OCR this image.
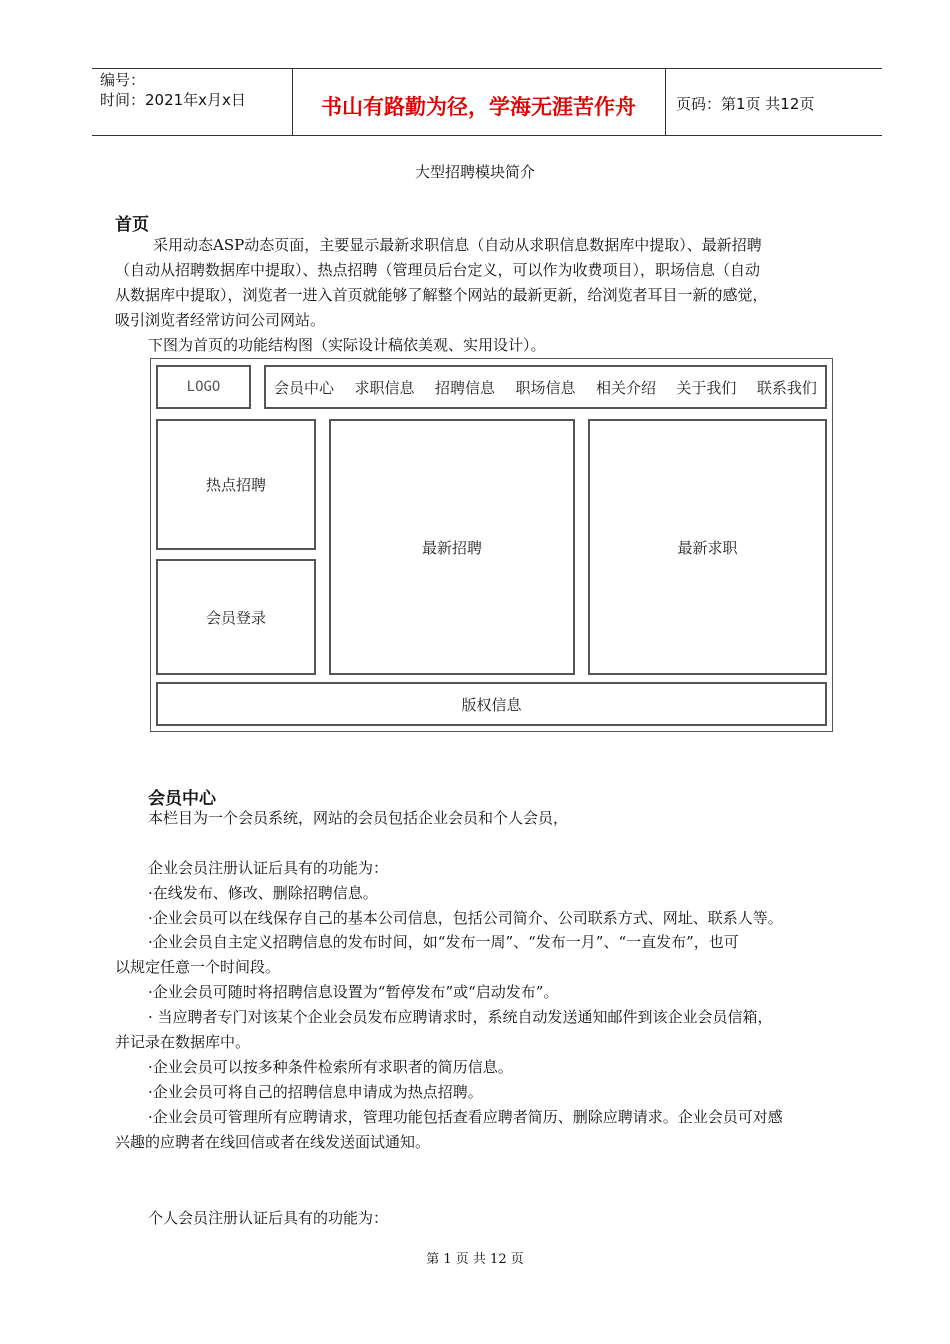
编号：
时间：2021年x月x日	书山有路勤为径，学海无涯苦作舟	页码：第1页 共12页
大型招聘模块简介
首页
采用动态ASP动态页面，主要显示最新求职信息（自动从求职信息数据库中提取）、最新招聘
（自动从招聘数据库中提取）、热点招聘（管理员后台定义，可以作为收费项目），职场信息（自动
从数据库中提取），浏览者一进入首页就能够了解整个网站的最新更新，给浏览者耳目一新的感觉，
吸引浏览者经常访问公司网站。
下图为首页的功能结构图（实际设计稿依美观、实用设计）。
LOGO	会员中心 求职信息 招聘信息 职场信息 相关介绍 关于我们 联系我们
热点招聘
会员登录
最新招聘	最新求职
版权信息
会员中心
本栏目为一个会员系统，网站的会员包括企业会员和个人会员，
企业会员注册认证后具有的功能为：
·在线发布、修改、删除招聘信息。
·企业会员可以在线保存自己的基本公司信息，包括公司简介、公司联系方式、网址、联系人等。
·企业会员自主定义招聘信息的发布时间，如“发布一周”、“发布一月”、“一直发布”，也可
以规定任意一个时间段。
·企业会员可随时将招聘信息设置为“暂停发布”或“启动发布”。
· 当应聘者专门对该某个企业会员发布应聘请求时，系统自动发送通知邮件到该企业会员信箱，
并记录在数据库中。
·企业会员可以按多种条件检索所有求职者的简历信息。
·企业会员可将自己的招聘信息申请成为热点招聘。
·企业会员可管理所有应聘请求，管理功能包括查看应聘者简历、删除应聘请求。企业会员可对感
兴趣的应聘者在线回信或者在线发送面试通知。
个人会员注册认证后具有的功能为：
第 1 页 共 12 页
